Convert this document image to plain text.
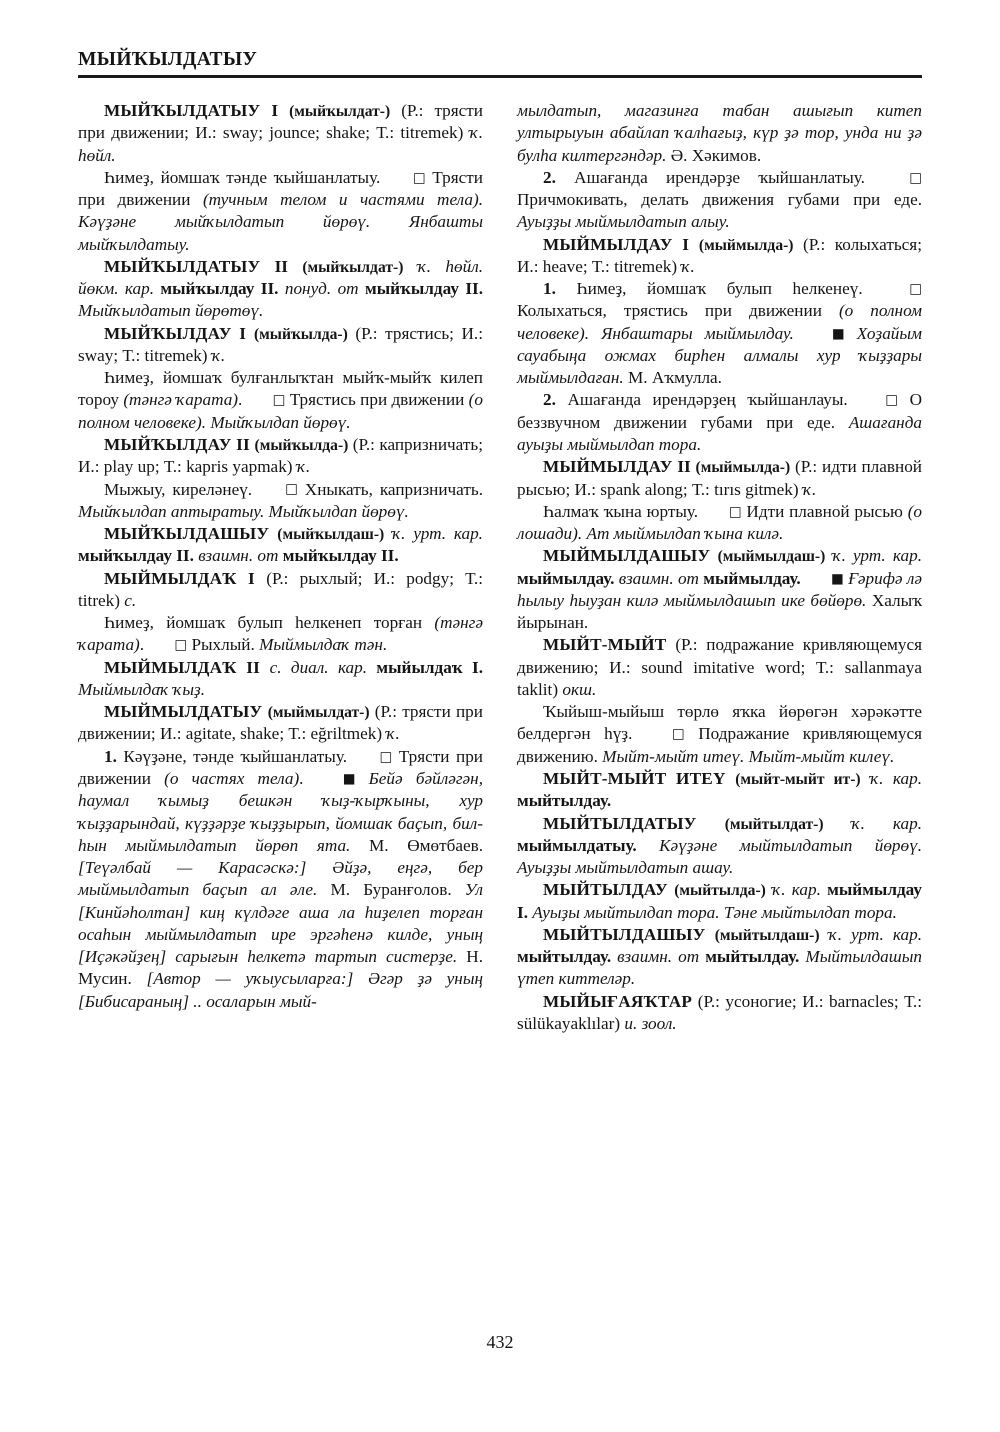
МЫЙҠЫЛДАТЫУ

МЫЙҠЫЛДАТЫУ I (мыйҡылдат-) (Р.: трясти при движении; И.: sway; jounce; shake; Т.: titremek) ҡ. һөйл.

Һимеҙ, йомшаҡ тәнде ҡыйшанлатыу. □ Трясти при движении (тучным телом и частями тела). Кәүҙәне мыйҡылдатып йөрөү. Янбашты мыйҡылдатыу.

МЫЙҠЫЛДАТЫУ II (мыйҡылдат-) ҡ. һөйл. йөкм. кар. мыйҡылдау II. понуд. от мыйҡылдау II. Мыйҡылдатып йөрөтөү.

МЫЙҠЫЛДАУ I (мыйҡылда-) (Р.: трястись; И.: sway; Т.: titremek) ҡ.

Һимеҙ, йомшаҡ булғанлыҡтан мыйҡ-мыйҡ килеп тороу (тәнгә ҡарата). □ Трястись при движении (о полном человеке). Мыйҡылдап йөрөү.

МЫЙҠЫЛДАУ II (мыйҡылда-) (Р.: капризничать; И.: play up; Т.: kapris yapmak) ҡ.

Мыжыу, киреләнеү. □ Хныкать, капризничать. Мыйҡылдап аптыратыу. Мыйҡылдап йөрөү.

МЫЙҠЫЛДАШЫУ (мыйҡылдаш-) ҡ. урт. кар. мыйҡылдау II. взаимн. от мыйҡылдау II.

МЫЙМЫЛДАҠ I (Р.: рыхлый; И.: podgy; Т.: titrek) с.

Һимеҙ, йомшаҡ булып һелкенеп торған (тәнгә ҡарата). □ Рыхлый. Мыймылдаҡ тән.

МЫЙМЫЛДАҠ II с. диал. кар. мыйылдаҡ I. Мыймылдаҡ ҡыҙ.

МЫЙМЫЛДАТЫУ (мыймылдат-) (Р.: трясти при движении; И.: agitate, shake; Т.: eğriltmek) ҡ.

1. Кәүҙәне, тәнде ҡыйшанлатыу. □ Трясти при движении (о частях тела). ■ Бейә бәйләгән, һаумал ҡымыҙ бешкән ҡыҙ-ҡырҡыны, хур ҡыҙҙарындай, күҙҙәрҙе ҡыҙҙырып, йомшак баҫып, бил-һын мыймылдатып йөрөп ята. М. Өмөтбаев. [Теүәлбай — Карасәскә:] Әйҙә, еңгә, бер мыймылдатып баҫып ал әле. М. Буранғолов. Ул [Кинйәһолтан] киң күлдәге аша ла һиҙелеп торған осаһын мыймылдатып ире эргәһенә килде, уның [Иҫәкәйҙең] сарығын һелкетә тартып систерҙе. Н. Мусин. [Автор — уҡыусыларға:] Әгәр ҙә уның [Бибисараның] .. осаларын мый-

мылдатып, магазинға табан ашығып китеп ултырыуын абайлап ҡалһағыҙ, күр ҙә тор, унда ни ҙә булһа килтергәндәр. Ә. Хәкимов.

2. Ашағанда ирендәрҙе ҡыйшанлатыу. □ Причмокивать, делать движения губами при еде. Ауыҙҙы мыймылдатып алыу.

МЫЙМЫЛДАУ I (мыймылда-) (Р.: колыхаться; И.: heave; Т.: titremek) ҡ.

1. Һимеҙ, йомшаҡ булып һелкенеү. □ Колыхаться, трястись при движении (о полном человеке). Янбаштары мыймылдау.	■ Хоҙайым сауабыңа ожмах бирһен алмалы хур ҡыҙҙары мыймылдаған. М. Аҡмулла.

2. Ашағанда ирендәрҙең ҡыйшанлауы. □ О беззвучном движении губами при еде. Ашағанда ауыҙы мыймылдап тора.

МЫЙМЫЛДАУ II (мыймылда-) (Р.: идти плавной рысью; И.: spank along; Т.: tırıs gitmek) ҡ.

Һалмаҡ ҡына юртыу. □ Идти плавной рысью (о лошади). Ат мыймылдап ҡына килә.

МЫЙМЫЛДАШЫУ (мыймылдаш-) ҡ. урт. кар. мыймылдау. взаимн. от мыймылдау. ■ Ғәрифә лә һылыу һыуҙан килә мыймылдашып ике бөйөрө. Халыҡ йырынан.

МЫЙТ-МЫЙТ (Р.: подражание кривляющемуся движению; И.: sound imitative word; Т.: sallanmaya taklit) окш.

Ҡыйыш-мыйыш төрлө яҡка йөрөгән хәрәкәтте белдергән һүҙ. □ Подражание кривляющемуся движению. Мыйт-мыйт итеү. Мыйт-мыйт килеү.

МЫЙТ-МЫЙТ ИТЕҮ (мыйт-мыйт ит-) ҡ. кар. мыйтылдау.

МЫЙТЫЛДАТЫУ (мыйтылдат-) ҡ. кар. мыймылдатыу. Кәүҙәне мыйтылдатып йөрөү. Ауыҙҙы мыйтылдатып ашау.

МЫЙТЫЛДАУ (мыйтылда-) ҡ. кар. мыймылдау I. Ауыҙы мыйтылдап тора. Тәне мыйтылдап тора.

МЫЙТЫЛДАШЫУ (мыйтылдаш-) ҡ. урт. кар. мыйтылдау. взаимн. от мыйтылдау. Мыйтылдашып үтеп киттеләр.

МЫЙЫҒАЯҠТАР (Р.: усоногие; И.: barnacles; Т.: sülükayaklılar) и. зоол.

432
